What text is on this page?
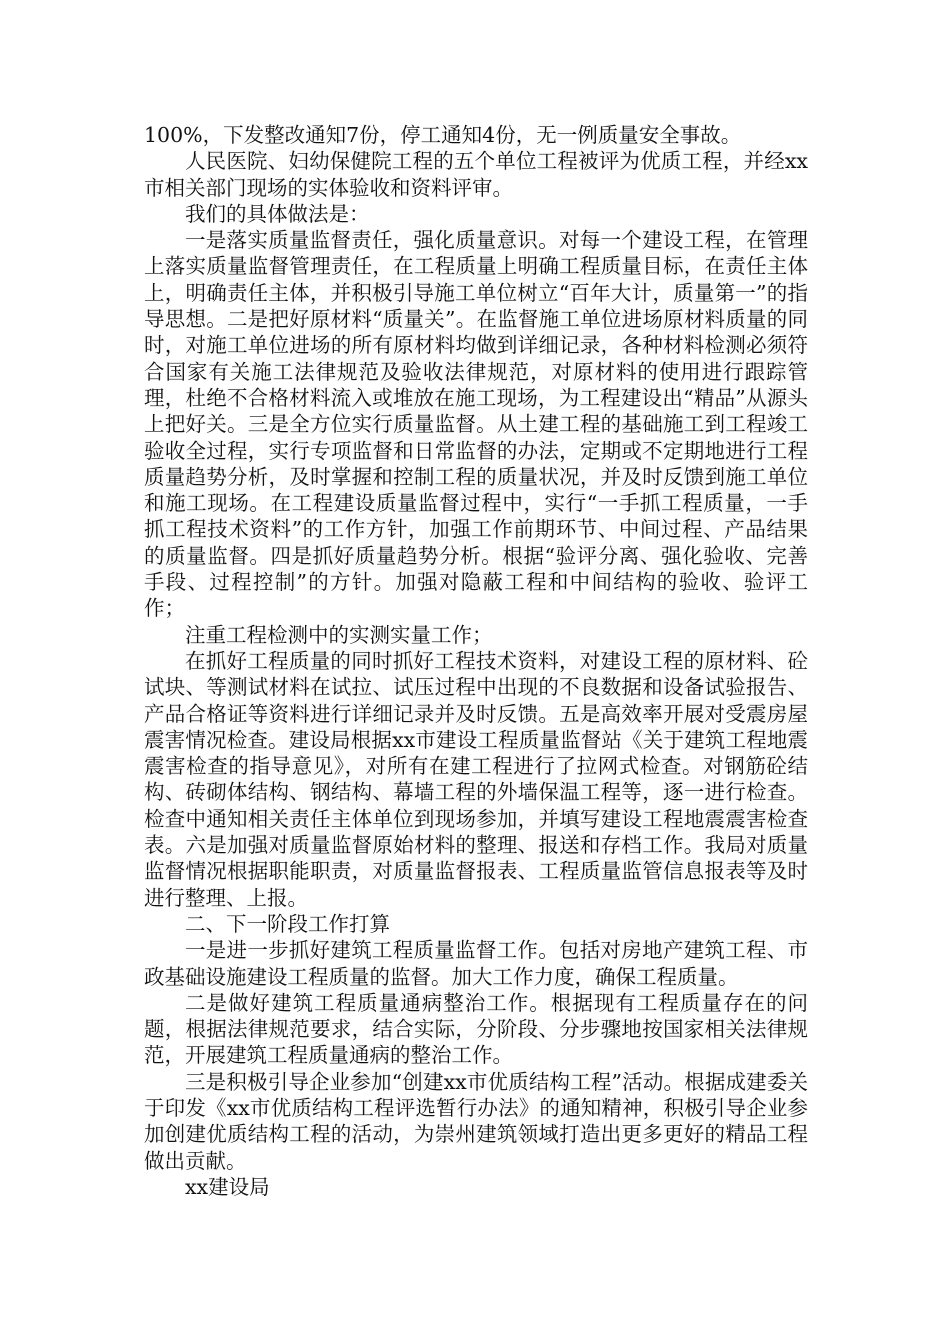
100%，下发整改通知7份，停工通知4份，无一例质量安全事故。

人民医院、妇幼保健院工程的五个单位工程被评为优质工程，并经xx市相关部门现场的实体验收和资料评审。

我们的具体做法是：

一是落实质量监督责任，强化质量意识。对每一个建设工程，在管理上落实质量监督管理责任，在工程质量上明确工程质量目标，在责任主体上，明确责任主体，并积极引导施工单位树立“百年大计，质量第一”的指导思想。二是把好原材料“质量关”。在监督施工单位进场原材料质量的同时，对施工单位进场的所有原材料均做到详细记录，各种材料检测必须符合国家有关施工法律规范及验收法律规范，对原材料的使用进行跟踪管理，杜绝不合格材料流入或堆放在施工现场，为工程建设出“精品”从源头上把好关。三是全方位实行质量监督。从土建工程的基础施工到工程竣工验收全过程，实行专项监督和日常监督的办法，定期或不定期地进行工程质量趋势分析，及时掌握和控制工程的质量状况，并及时反馈到施工单位和施工现场。在工程建设质量监督过程中，实行“一手抓工程质量，一手抓工程技术资料”的工作方针，加强工作前期环节、中间过程、产品结果的质量监督。四是抓好质量趋势分析。根据“验评分离、强化验收、完善手段、过程控制”的方针。加强对隐蔽工程和中间结构的验收、验评工作；

注重工程检测中的实测实量工作；

在抓好工程质量的同时抓好工程技术资料，对建设工程的原材料、砼试块、等测试材料在试拉、试压过程中出现的不良数据和设备试验报告、产品合格证等资料进行详细记录并及时反馈。五是高效率开展对受震房屋震害情况检查。建设局根据xx市建设工程质量监督站《关于建筑工程地震震害检查的指导意见》，对所有在建工程进行了拉网式检查。对钢筋砼结构、砖砌体结构、钢结构、幕墙工程的外墙保温工程等，逐一进行检查。检查中通知相关责任主体单位到现场参加，并填写建设工程地震震害检查表。六是加强对质量监督原始材料的整理、报送和存档工作。我局对质量监督情况根据职能职责，对质量监督报表、工程质量监管信息报表等及时进行整理、上报。

二、下一阶段工作打算

一是进一步抓好建筑工程质量监督工作。包括对房地产建筑工程、市政基础设施建设工程质量的监督。加大工作力度，确保工程质量。

二是做好建筑工程质量通病整治工作。根据现有工程质量存在的问题，根据法律规范要求，结合实际，分阶段、分步骤地按国家相关法律规范，开展建筑工程质量通病的整治工作。

三是积极引导企业参加“创建xx市优质结构工程”活动。根据成建委关于印发《xx市优质结构工程评选暂行办法》的通知精神，积极引导企业参加创建优质结构工程的活动，为崇州建筑领域打造出更多更好的精品工程做出贡献。

xx建设局
